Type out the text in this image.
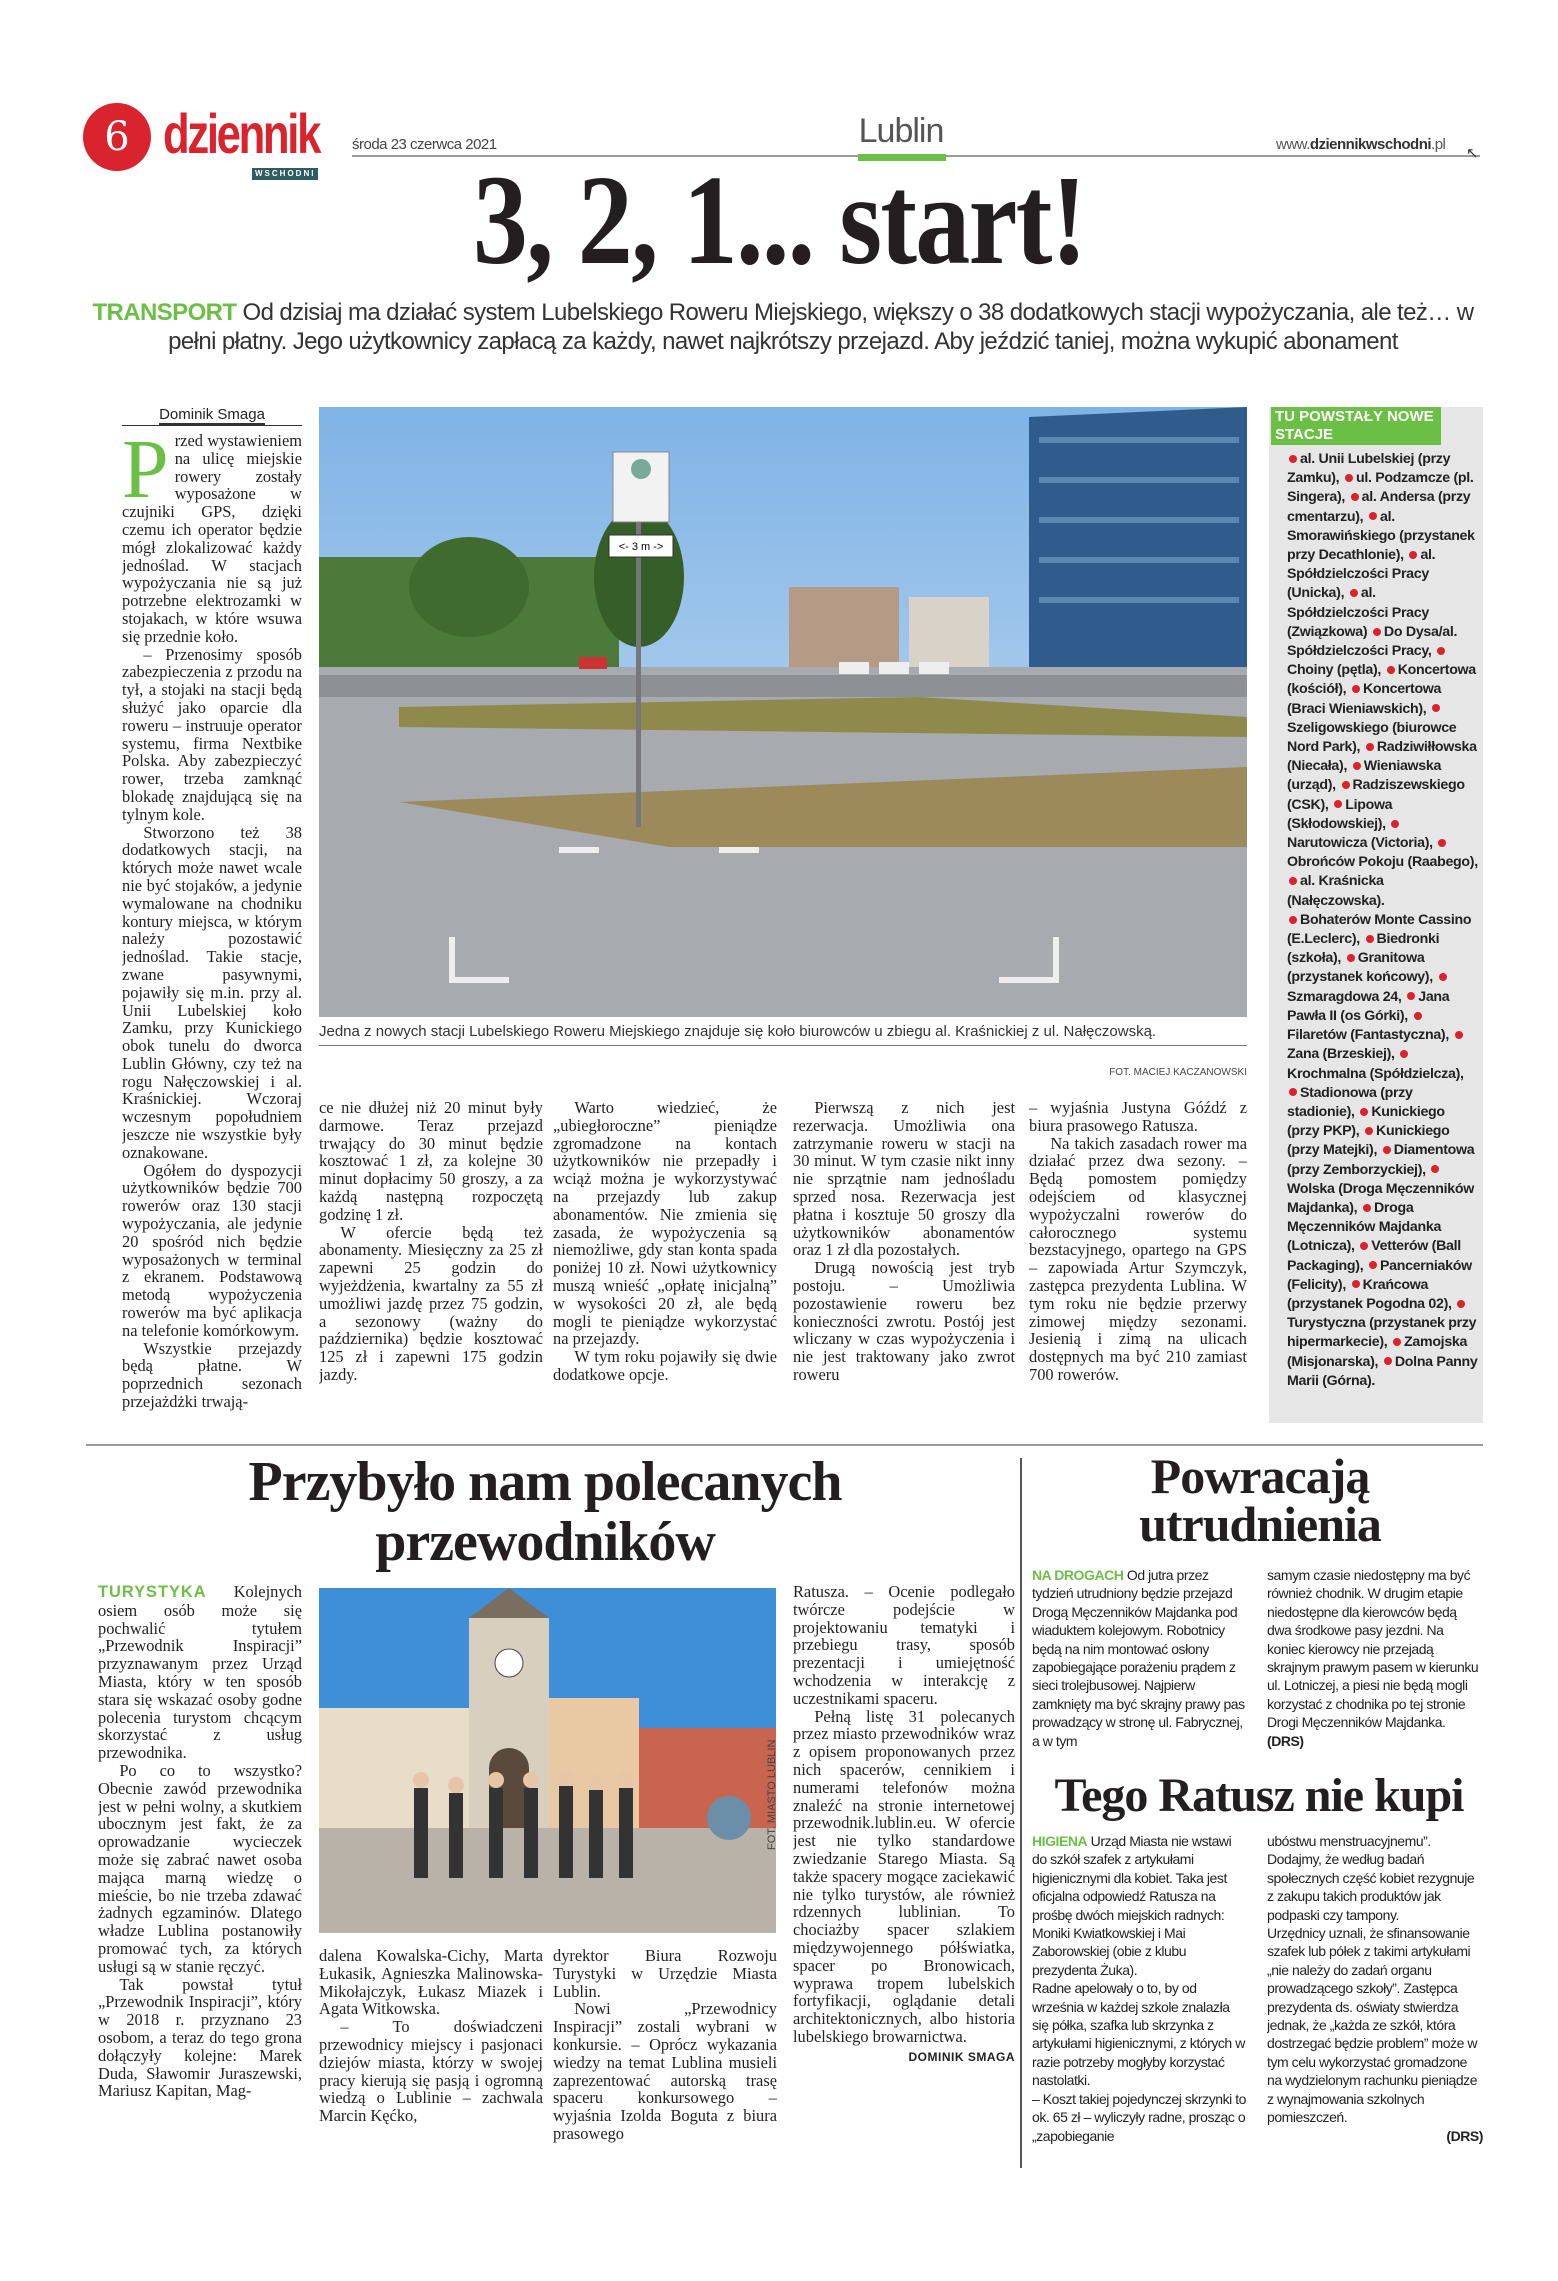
6 dziennik
WSCHODNI
środa 23 czerwca 2021	Lublin	www.dziennikwschodni.pl
↖
3, 2, 1... start!
TRANSPORT Od dzisiaj ma działać system Lubelskiego Roweru Miejskiego, większy o 38 dodatkowych stacji wypożyczania, ale też… w pełni płatny. Jego użytkownicy zapłacą za każdy, nawet najkrótszy przejazd. Aby jeździć taniej, można wykupić abonament
Dominik Smaga

Przed wystawieniem na ulicę miejskie rowery zostały wyposażone w czujniki GPS, dzięki czemu ich operator będzie mógł zlokalizować każdy jednoślad. W stacjach wypożyczania nie są już potrzebne elektrozamki w stojakach, w które wsuwa się przednie koło.

– Przenosimy sposób zabezpieczenia z przodu na tył, a stojaki na stacji będą służyć jako oparcie dla roweru – instruuje operator systemu, firma Nextbike Polska. Aby zabezpieczyć rower, trzeba zamknąć blokadę znajdującą się na tylnym kole.

Stworzono też 38 dodatkowych stacji, na których może nawet wcale nie być stojaków, a jedynie wymalowane na chodniku kontury miejsca, w którym należy pozostawić jednoślad. Takie stacje, zwane pasywnymi, pojawiły się m.in. przy al. Unii Lubelskiej koło Zamku, przy Kunickiego obok tunelu do dworca Lublin Główny, czy też na rogu Nałęczowskiej i al. Kraśnickiej. Wczoraj wczesnym popołudniem jeszcze nie wszystkie były oznakowane.

Ogółem do dyspozycji użytkowników będzie 700 rowerów oraz 130 stacji wypożyczania, ale jedynie 20 spośród nich będzie wyposażonych w terminal z ekranem. Podstawową metodą wypożyczenia rowerów ma być aplikacja na telefonie komórkowym.

Wszystkie przejazdy będą płatne. W poprzednich sezonach przejażdżki trwają-

<- 3 m ->
Jedna z nowych stacji Lubelskiego Roweru Miejskiego znajduje się koło biurowców u zbiegu al. Kraśnickiej z ul. Nałęczowską.
FOT. MACIEJ KACZANOWSKI

ce nie dłużej niż 20 minut były darmowe. Teraz przejazd trwający do 30 minut będzie kosztować 1 zł, za kolejne 30 minut dopłacimy 50 groszy, a za każdą następną rozpoczętą godzinę 1 zł.

W ofercie będą też abonamenty. Miesięczny za 25 zł zapewni 25 godzin do wyjeżdżenia, kwartalny za 55 zł umożliwi jazdę przez 75 godzin, a sezonowy (ważny do października) będzie kosztować 125 zł i zapewni 175 godzin jazdy.

Warto wiedzieć, że „ubiegłoroczne” pieniądze zgromadzone na kontach użytkowników nie przepadły i wciąż można je wykorzystywać na przejazdy lub zakup abonamentów. Nie zmienia się zasada, że wypożyczenia są niemożliwe, gdy stan konta spada poniżej 10 zł. Nowi użytkownicy muszą wnieść „opłatę inicjalną” w wysokości 20 zł, ale będą mogli te pieniądze wykorzystać na przejazdy.

W tym roku pojawiły się dwie dodatkowe opcje.

Pierwszą z nich jest rezerwacja. Umożliwia ona zatrzymanie roweru w stacji na 30 minut. W tym czasie nikt inny nie sprzątnie nam jednośladu sprzed nosa. Rezerwacja jest płatna i kosztuje 50 groszy dla użytkowników abonamentów oraz 1 zł dla pozostałych.

Drugą nowością jest tryb postoju. – Umożliwia pozostawienie roweru bez konieczności zwrotu. Postój jest wliczany w czas wypożyczenia i nie jest traktowany jako zwrot roweru

– wyjaśnia Justyna Góźdź z biura prasowego Ratusza.

Na takich zasadach rower ma działać przez dwa sezony. – Będą pomostem pomiędzy odejściem od klasycznej wypożyczalni rowerów do całorocznego systemu bezstacyjnego, opartego na GPS – zapowiada Artur Szymczyk, zastępca prezydenta Lublina. W tym roku nie będzie przerwy zimowej między sezonami. Jesienią i zimą na ulicach dostępnych ma być 210 zamiast 700 rowerów.

TU POWSTAŁY NOWE STACJE

al. Unii Lubelskiej (przy Zamku), ul. Podzamcze (pl. Singera), al. Andersa (przy cmentarzu), al. Smorawińskiego (przystanek przy Decathlonie), al. Spółdzielczości Pracy (Unicka), al. Spółdzielczości Pracy (Związkowa) Do Dysa/al. Spółdzielczości Pracy, Choiny (pętla), Koncertowa (kościół), Koncertowa (Braci Wieniawskich), Szeligowskiego (biurowce Nord Park), Radziwiłłowska (Niecała), Wieniawska (urząd), Radziszewskiego (CSK), Lipowa (Skłodowskiej), Narutowicza (Victoria), Obrońców Pokoju (Raabego), al. Kraśnicka (Nałęczowska).

Bohaterów Monte Cassino (E.Leclerc), Biedronki (szkoła), Granitowa (przystanek końcowy), Szmaragdowa 24, Jana Pawła II (os Górki), Filaretów (Fantastyczna), Zana (Brzeskiej), Krochmalna (Spółdzielcza), Stadionowa (przy stadionie), Kunickiego (przy PKP), Kunickiego (przy Matejki), Diamentowa (przy Zemborzyckiej), Wolska (Droga Męczenników Majdanka), Droga Męczenników Majdanka (Lotnicza), Vetterów (Ball Packaging), Pancerniaków (Felicity), Krańcowa (przystanek Pogodna 02), Turystyczna (przystanek przy hipermarkecie), Zamojska (Misjonarska), Dolna Panny Marii (Górna).

Przybyło nam polecanych przewodników

TURYSTYKA Kolejnych osiem osób może się pochwalić tytułem „Przewodnik Inspiracji” przyznawanym przez Urząd Miasta, który w ten sposób stara się wskazać osoby godne polecenia turystom chcącym skorzystać z usług przewodnika.

Po co to wszystko? Obecnie zawód przewodnika jest w pełni wolny, a skutkiem ubocznym jest fakt, że za oprowadzanie wycieczek może się zabrać nawet osoba mająca marną wiedzę o mieście, bo nie trzeba zdawać żadnych egzaminów. Dlatego władze Lublina postanowiły promować tych, za których usługi są w stanie ręczyć.

Tak powstał tytuł „Przewodnik Inspiracji”, który w 2018 r. przyznano 23 osobom, a teraz do tego grona dołączyły kolejne: Marek Duda, Sławomir Juraszewski, Mariusz Kapitan, Mag-

FOT. MIASTO LUBLIN

dalena Kowalska-Cichy, Marta Łukasik, Agnieszka Malinowska-Mikołajczyk, Łukasz Miazek i Agata Witkowska.

– To doświadczeni przewodnicy miejscy i pasjonaci dziejów miasta, którzy w swojej pracy kierują się pasją i ogromną wiedzą o Lublinie – zachwala Marcin Kęćko,

dyrektor Biura Rozwoju Turystyki w Urzędzie Miasta Lublin.

Nowi „Przewodnicy Inspiracji” zostali wybrani w konkursie. – Oprócz wykazania wiedzy na temat Lublina musieli zaprezentować autorską trasę spaceru konkursowego – wyjaśnia Izolda Boguta z biura prasowego

Ratusza. – Ocenie podlegało twórcze podejście w projektowaniu tematyki i przebiegu trasy, sposób prezentacji i umiejętność wchodzenia w interakcję z uczestnikami spaceru.

Pełną listę 31 polecanych przez miasto przewodników wraz z opisem proponowanych przez nich spacerów, cennikiem i numerami telefonów można znaleźć na stronie internetowej przewodnik.lublin.eu. W ofercie jest nie tylko standardowe zwiedzanie Starego Miasta. Są także spacery mogące zaciekawić nie tylko turystów, ale również rdzennych lublinian. To chociażby spacer szlakiem międzywojennego półświatka, spacer po Bronowicach, wyprawa tropem lubelskich fortyfikacji, oglądanie detali architektonicznych, albo historia lubelskiego browarnictwa.

DOMINIK SMAGA
Powracają utrudnienia
NA DROGACH Od jutra przez tydzień utrudniony będzie przejazd Drogą Męczenników Majdanka pod wiaduktem kolejowym. Robotnicy będą na nim montować osłony zapobiegające porażeniu prądem z sieci trolejbusowej. Najpierw zamknięty ma być skrajny prawy pas prowadzący w stronę ul. Fabrycznej, a w tym
samym czasie niedostępny ma być również chodnik. W drugim etapie niedostępne dla kierowców będą dwa środkowe pasy jezdni. Na koniec kierowcy nie przejadą skrajnym prawym pasem w kierunku ul. Lotniczej, a piesi nie będą mogli korzystać z chodnika po tej stronie Drogi Męczenników Majdanka. (DRS)
Tego Ratusz nie kupi

HIGIENA Urząd Miasta nie wstawi do szkół szafek z artykułami higienicznymi dla kobiet. Taka jest oficjalna odpowiedź Ratusza na prośbę dwóch miejskich radnych: Moniki Kwiatkowskiej i Mai Zaborowskiej (obie z klubu prezydenta Żuka).

Radne apelowały o to, by od września w każdej szkole znalazła się półka, szafka lub skrzynka z artykułami higienicznymi, z których w razie potrzeby mogłyby korzystać nastolatki.

– Koszt takiej pojedynczej skrzynki to ok. 65 zł – wyliczyły radne, prosząc o „zapobieganie

ubóstwu menstruacyjnemu”. Dodajmy, że według badań społecznych część kobiet rezygnuje z zakupu takich produktów jak podpaski czy tampony.

Urzędnicy uznali, że sfinansowanie szafek lub półek z takimi artykułami „nie należy do zadań organu prowadzącego szkoły”. Zastępca prezydenta ds. oświaty stwierdza jednak, że „każda ze szkół, która dostrzegać będzie problem” może w tym celu wykorzystać gromadzone na wydzielonym rachunku pieniądze z wynajmowania szkolnych pomieszczeń.

(DRS)
